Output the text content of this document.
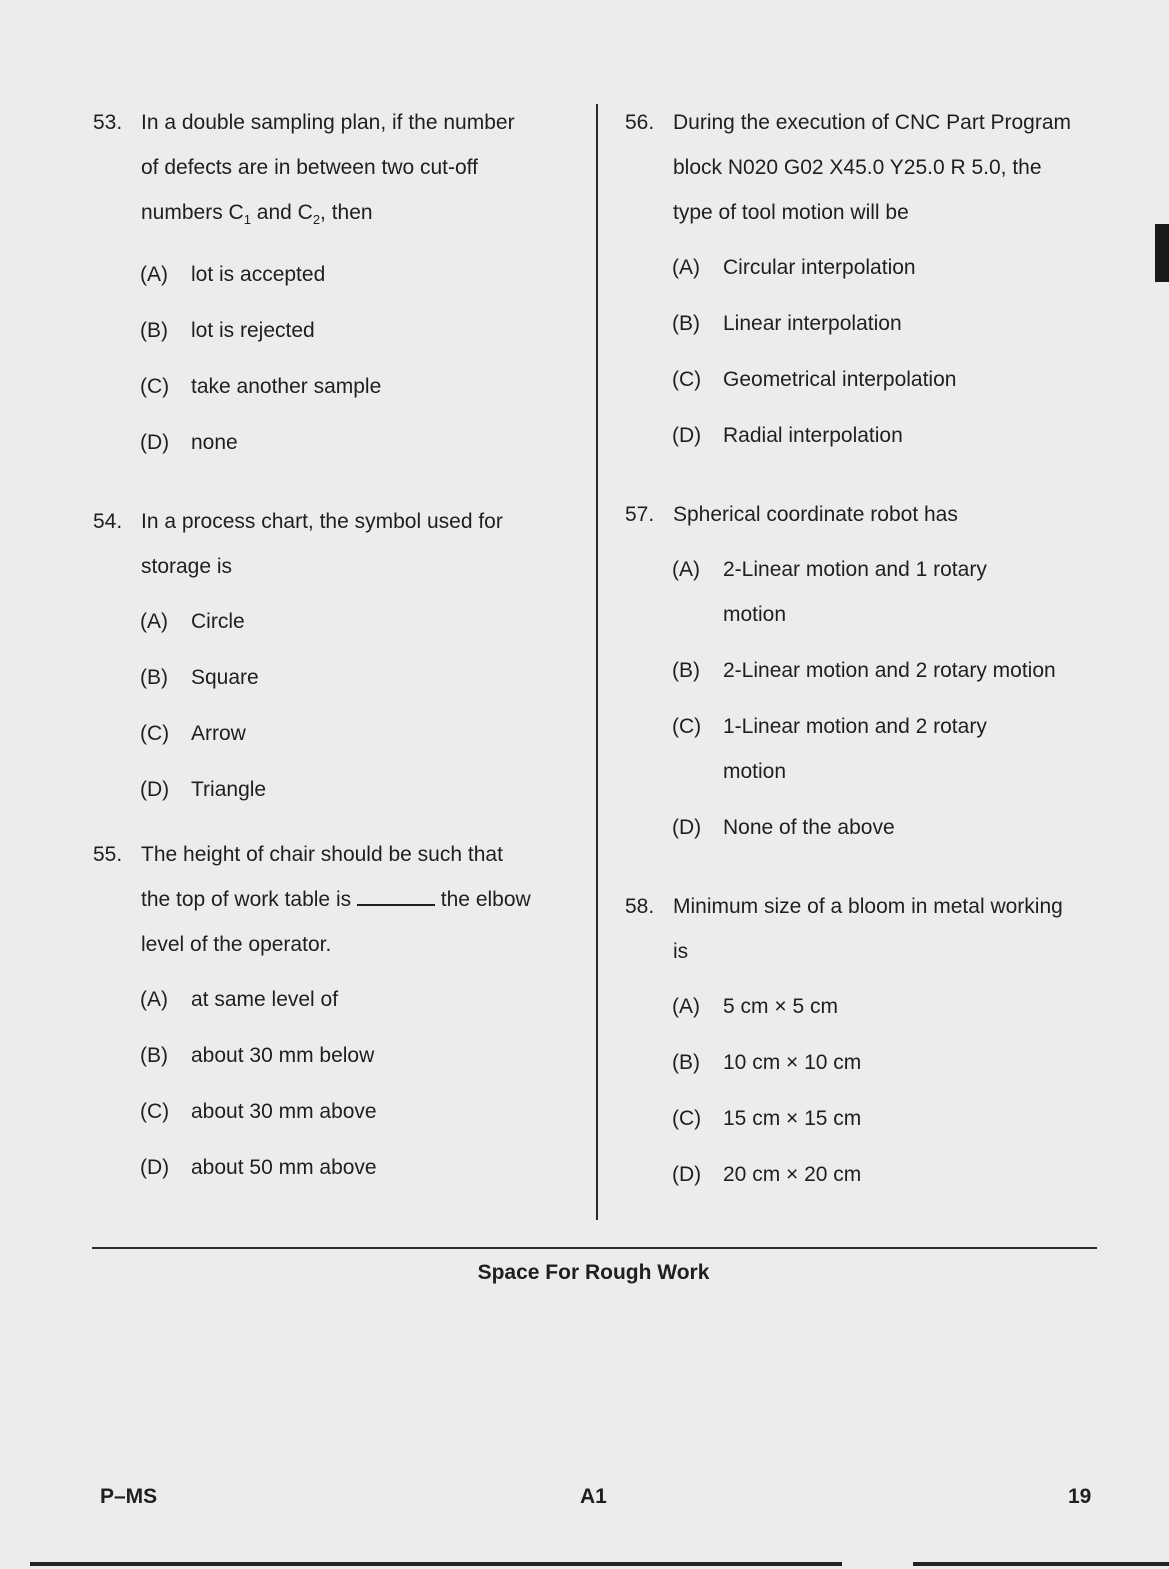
53. In a double sampling plan, if the number
of defects are in between two cut-off
numbers $C_1$ and $C_2$, then
(A)	lot is accepted
(B)	lot is rejected
(C)	take another sample
(D)	none
54. In a process chart, the symbol used for
storage is
(A)	Circle
(B)	Square
(C)	Arrow
(D)	Triangle
55. The height of chair should be such that
the top of work table is	the elbow
level of the operator.
(A)	at same level of
(B)	about 30 mm below
(C)	about 30 mm above
(D)	about 50 mm above
56. During the execution of CNC Part Program
block N020 G02 X45.0 Y25.0 R 5.0, the
type of tool motion will be
(A)	Circular interpolation
(B)	Linear interpolation
(C)	Geometrical interpolation
(D)	Radial interpolation
57. Spherical coordinate robot has
(A)	2-Linear motion and 1 rotary
motion
(B)	2-Linear motion and 2 rotary motion
(C)	1-Linear motion and 2 rotary
motion
(D)	None of the above
58. Minimum size of a bloom in metal working
is
(A)	5 cm × 5 cm
(B)	10 cm × 10 cm
(C)	15 cm × 15 cm
(D)	20 cm × 20 cm
Space For Rough Work
P–MS	A1	19
